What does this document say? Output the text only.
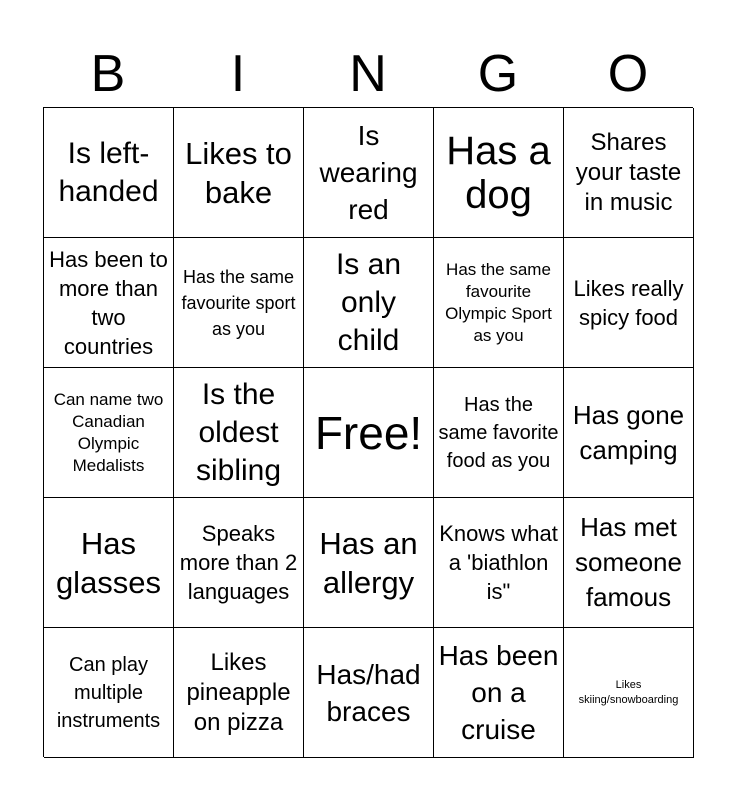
B	I	N	G	O
Is left-handed
Likes to bake
Is wearing red
Has a dog
Shares your taste in music
Has been to more than two countries
Has the same favourite sport as you
Is an only child
Has the same favourite Olympic Sport as you
Likes really spicy food
Can name two Canadian Olympic Medalists
Is the oldest sibling
Free!
Has the same favorite food as you
Has gone camping
Has glasses
Speaks more than 2 languages
Has an allergy
Knows what a 'biathlon is"
Has met someone famous
Can play multiple instruments
Likes pineapple on pizza
Has/had braces
Has been on a cruise
Likes skiing/snowboarding
